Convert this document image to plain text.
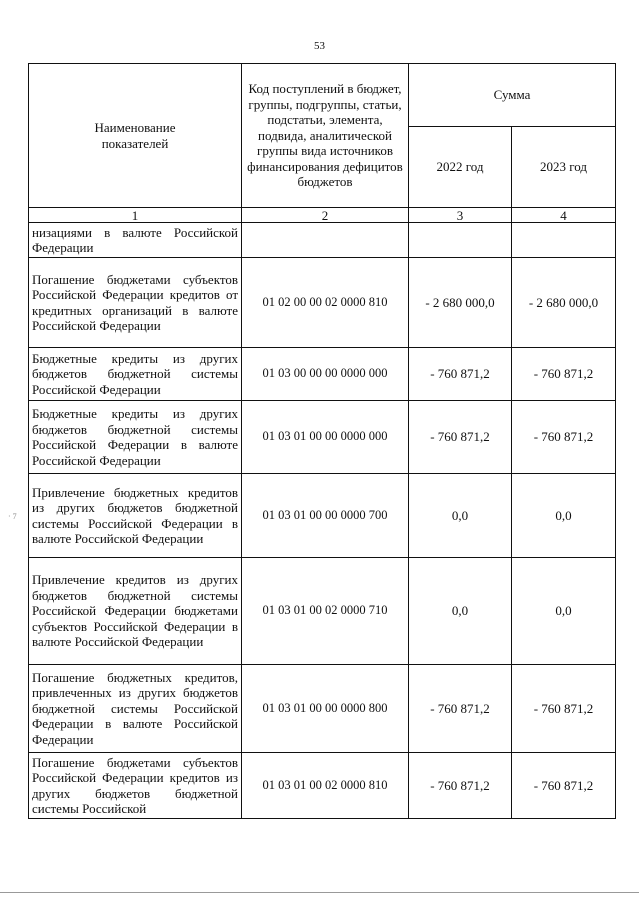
53
· 7
Наименование показателей	Код поступлений в бюджет, группы, подгруппы, статьи, подстатьи, элемента, подвида, аналитической группы вида источников финансирования дефицитов бюджетов	Сумма	
		2022 год	2023 год
1	2	3	4
низациями в валюте Российской Федерации			
Погашение бюджетами субъектов Российской Федерации кредитов от кредитных организаций в валюте Российской Федерации	01 02 00 00 02 0000 810	- 2 680 000,0	- 2 680 000,0
Бюджетные кредиты из других бюджетов бюджетной системы Российской Федерации	01 03 00 00 00 0000 000	- 760 871,2	- 760 871,2
Бюджетные кредиты из других бюджетов бюджетной системы Российской Федерации в валюте Российской Федерации	01 03 01 00 00 0000 000	- 760 871,2	- 760 871,2
Привлечение бюджетных кредитов из других бюджетов бюджетной системы Российской Федерации в валюте Российской Федерации	01 03 01 00 00 0000 700	0,0	0,0
Привлечение кредитов из других бюджетов бюджетной системы Российской Федерации бюджетами субъектов Российской Федерации в валюте Российской Федерации	01 03 01 00 02 0000 710	0,0	0,0
Погашение бюджетных кредитов, привлеченных из других бюджетов бюджетной системы Российской Федерации в валюте Российской Федерации	01 03 01 00 00 0000 800	- 760 871,2	- 760 871,2
Погашение бюджетами субъектов Российской Федерации кредитов из других бюджетов бюджетной системы Российской	01 03 01 00 02 0000 810	- 760 871,2	- 760 871,2
